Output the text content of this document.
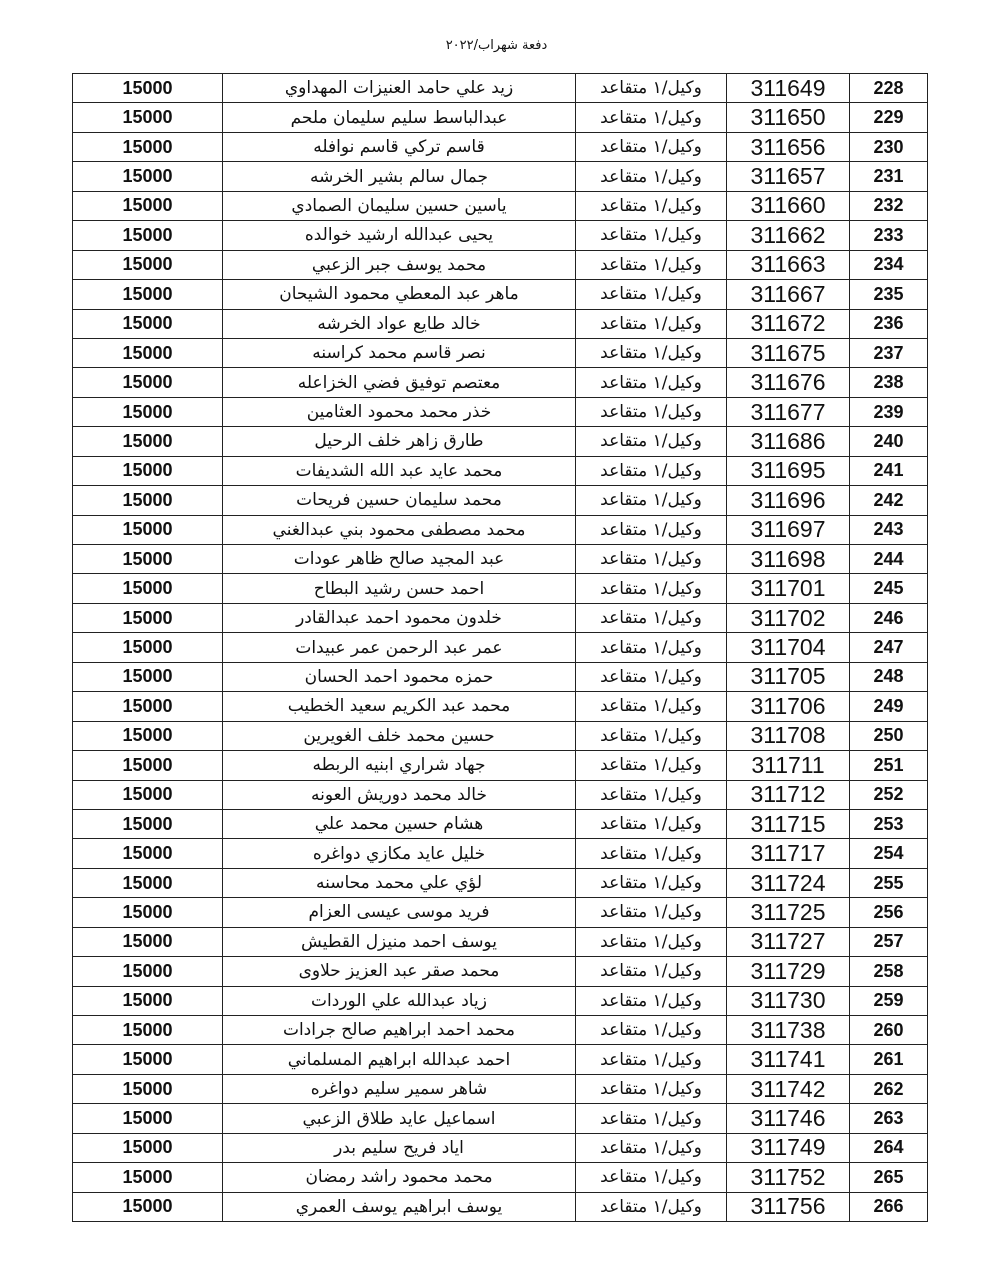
دفعة شهراب/٢٠٢٢
228	311649	وكيل/١ متقاعد	زيد علي حامد العنيزات المهداوي	15000
229	311650	وكيل/١ متقاعد	عبدالباسط سليم سليمان ملحم	15000
230	311656	وكيل/١ متقاعد	قاسم تركي قاسم نوافله	15000
231	311657	وكيل/١ متقاعد	جمال سالم بشير الخرشه	15000
232	311660	وكيل/١ متقاعد	ياسين حسين سليمان الصمادي	15000
233	311662	وكيل/١ متقاعد	يحيى عبدالله ارشيد خوالده	15000
234	311663	وكيل/١ متقاعد	محمد يوسف جبر الزعبي	15000
235	311667	وكيل/١ متقاعد	ماهر عبد المعطي محمود الشيحان	15000
236	311672	وكيل/١ متقاعد	خالد طايع عواد الخرشه	15000
237	311675	وكيل/١ متقاعد	نصر قاسم محمد كراسنه	15000
238	311676	وكيل/١ متقاعد	معتصم توفيق فضي الخزاعله	15000
239	311677	وكيل/١ متقاعد	خذر محمد محمود العثامين	15000
240	311686	وكيل/١ متقاعد	طارق زاهر خلف الرحيل	15000
241	311695	وكيل/١ متقاعد	محمد عايد عبد الله الشديفات	15000
242	311696	وكيل/١ متقاعد	محمد سليمان حسين فريحات	15000
243	311697	وكيل/١ متقاعد	محمد مصطفى محمود بني عبدالغني	15000
244	311698	وكيل/١ متقاعد	عبد المجيد صالح ظاهر عودات	15000
245	311701	وكيل/١ متقاعد	احمد حسن رشيد البطاح	15000
246	311702	وكيل/١ متقاعد	خلدون محمود احمد عبدالقادر	15000
247	311704	وكيل/١ متقاعد	عمر عبد الرحمن عمر عبيدات	15000
248	311705	وكيل/١ متقاعد	حمزه محمود احمد الحسان	15000
249	311706	وكيل/١ متقاعد	محمد عبد الكريم سعيد الخطيب	15000
250	311708	وكيل/١ متقاعد	حسين محمد خلف الغويرين	15000
251	311711	وكيل/١ متقاعد	جهاد شراري ابنيه الربطه	15000
252	311712	وكيل/١ متقاعد	خالد محمد دوريش العونه	15000
253	311715	وكيل/١ متقاعد	هشام حسين محمد علي	15000
254	311717	وكيل/١ متقاعد	خليل عايد مكازي دواغره	15000
255	311724	وكيل/١ متقاعد	لؤي علي محمد محاسنه	15000
256	311725	وكيل/١ متقاعد	فريد موسى عيسى العزام	15000
257	311727	وكيل/١ متقاعد	يوسف احمد منيزل القطيش	15000
258	311729	وكيل/١ متقاعد	محمد صقر عبد العزيز حلاوى	15000
259	311730	وكيل/١ متقاعد	زياد عبدالله علي الوردات	15000
260	311738	وكيل/١ متقاعد	محمد احمد ابراهيم صالح جرادات	15000
261	311741	وكيل/١ متقاعد	احمد عبدالله ابراهيم المسلماني	15000
262	311742	وكيل/١ متقاعد	شاهر سمير سليم دواغره	15000
263	311746	وكيل/١ متقاعد	اسماعيل عايد طلاق الزعبي	15000
264	311749	وكيل/١ متقاعد	اياد فريح سليم بدر	15000
265	311752	وكيل/١ متقاعد	محمد محمود راشد رمضان	15000
266	311756	وكيل/١ متقاعد	يوسف ابراهيم يوسف العمري	15000
